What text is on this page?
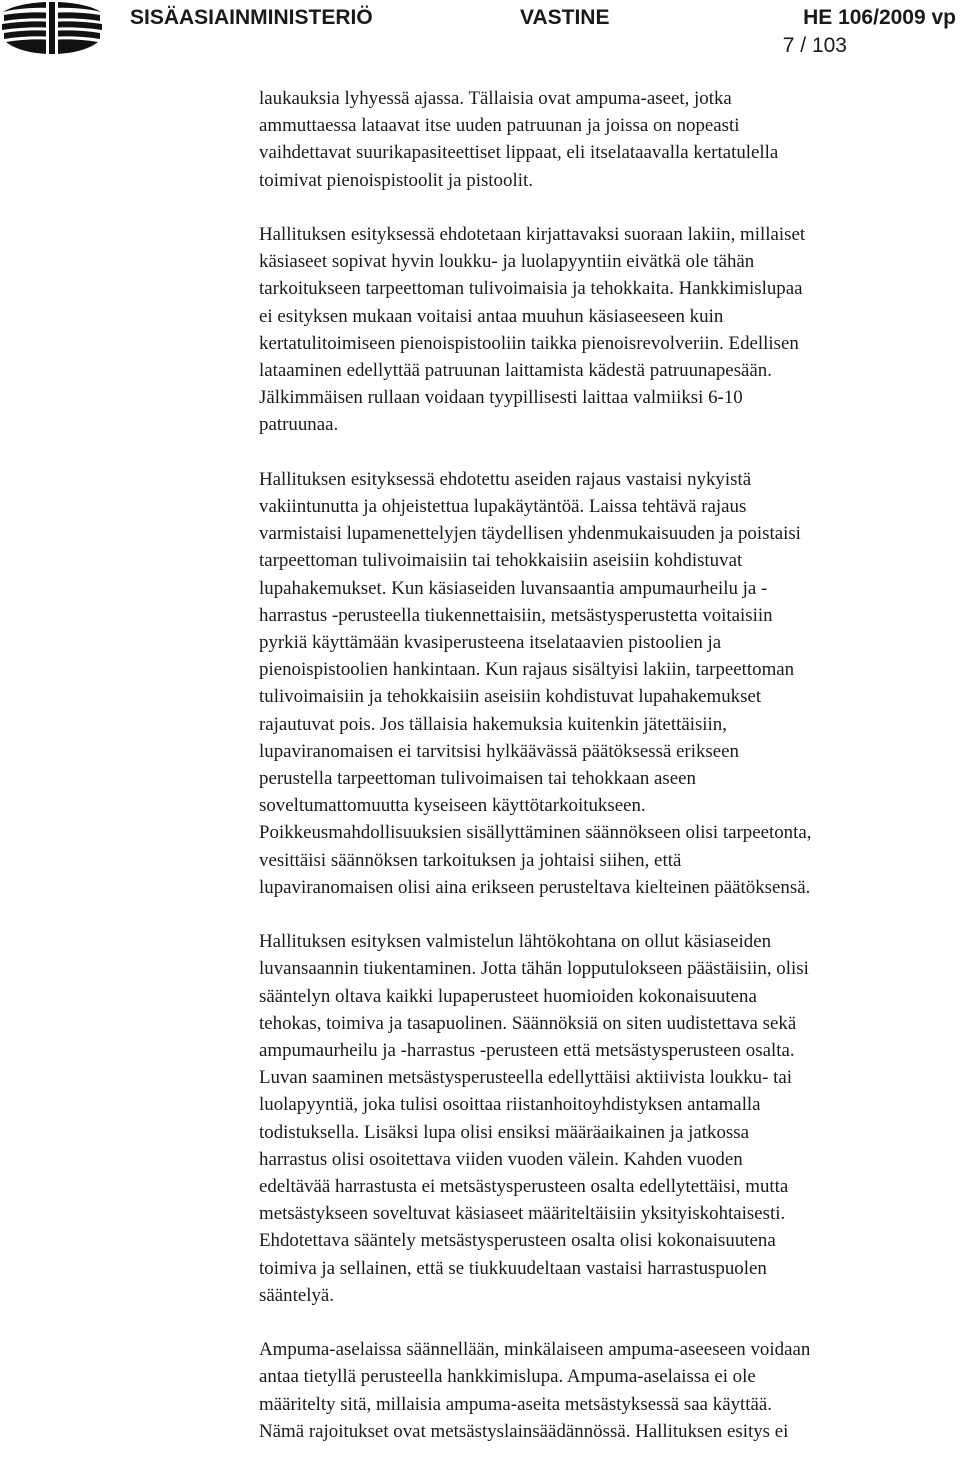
SISÄASIAINMINISTERIÖ	VASTINE	HE 106/2009 vp
7 / 103

laukauksia lyhyessä ajassa. Tällaisia ovat ampuma-aseet, jotka
ammuttaessa lataavat itse uuden patruunan ja joissa on nopeasti
vaihdettavat suurikapasiteettiset lippaat, eli itselataavalla kertatulella
toimivat pienoispistoolit ja pistoolit.

Hallituksen esityksessä ehdotetaan kirjattavaksi suoraan lakiin, millaiset
käsiaseet sopivat hyvin loukku- ja luolapyyntiin eivätkä ole tähän
tarkoitukseen tarpeettoman tulivoimaisia ja tehokkaita. Hankkimislupaa
ei esityksen mukaan voitaisi antaa muuhun käsiaseeseen kuin
kertatulitoimiseen pienoispistooliin taikka pienoisrevolveriin. Edellisen
lataaminen edellyttää patruunan laittamista kädestä patruunapesään.
Jälkimmäisen rullaan voidaan tyypillisesti laittaa valmiiksi 6-10
patruunaa.

Hallituksen esityksessä ehdotettu aseiden rajaus vastaisi nykyistä
vakiintunutta ja ohjeistettua lupakäytäntöä. Laissa tehtävä rajaus
varmistaisi lupamenettelyjen täydellisen yhdenmukaisuuden ja poistaisi
tarpeettoman tulivoimaisiin tai tehokkaisiin aseisiin kohdistuvat
lupahakemukset. Kun käsiaseiden luvansaantia ampumaurheilu ja -
harrastus -perusteella tiukennettaisiin, metsästysperustetta voitaisiin
pyrkiä käyttämään kvasiperusteena itselataavien pistoolien ja
pienoispistoolien hankintaan. Kun rajaus sisältyisi lakiin, tarpeettoman
tulivoimaisiin ja tehokkaisiin aseisiin kohdistuvat lupahakemukset
rajautuvat pois. Jos tällaisia hakemuksia kuitenkin jätettäisiin,
lupaviranomaisen ei tarvitsisi hylkäävässä päätöksessä erikseen
perustella tarpeettoman tulivoimaisen tai tehokkaan aseen
soveltumattomuutta kyseiseen käyttötarkoitukseen.
Poikkeusmahdollisuuksien sisällyttäminen säännökseen olisi tarpeetonta,
vesittäisi säännöksen tarkoituksen ja johtaisi siihen, että
lupaviranomaisen olisi aina erikseen perusteltava kielteinen päätöksensä.

Hallituksen esityksen valmistelun lähtökohtana on ollut käsiaseiden
luvansaannin tiukentaminen. Jotta tähän lopputulokseen päästäisiin, olisi
sääntelyn oltava kaikki lupaperusteet huomioiden kokonaisuutena
tehokas, toimiva ja tasapuolinen. Säännöksiä on siten uudistettava sekä
ampumaurheilu ja -harrastus -perusteen että metsästysperusteen osalta.
Luvan saaminen metsästysperusteella edellyttäisi aktiivista loukku- tai
luolapyyntiä, joka tulisi osoittaa riistanhoitoyhdistyksen antamalla
todistuksella. Lisäksi lupa olisi ensiksi määräaikainen ja jatkossa
harrastus olisi osoitettava viiden vuoden välein. Kahden vuoden
edeltävää harrastusta ei metsästysperusteen osalta edellytettäisi, mutta
metsästykseen soveltuvat käsiaseet määriteltäisiin yksityiskohtaisesti.
Ehdotettava sääntely metsästysperusteen osalta olisi kokonaisuutena
toimiva ja sellainen, että se tiukkuudeltaan vastaisi harrastuspuolen
sääntelyä.

Ampuma-aselaissa säännellään, minkälaiseen ampuma-aseeseen voidaan
antaa tietyllä perusteella hankkimislupa. Ampuma-aselaissa ei ole
määritelty sitä, millaisia ampuma-aseita metsästyksessä saa käyttää.
Nämä rajoitukset ovat metsästyslainsäädännössä. Hallituksen esitys ei
